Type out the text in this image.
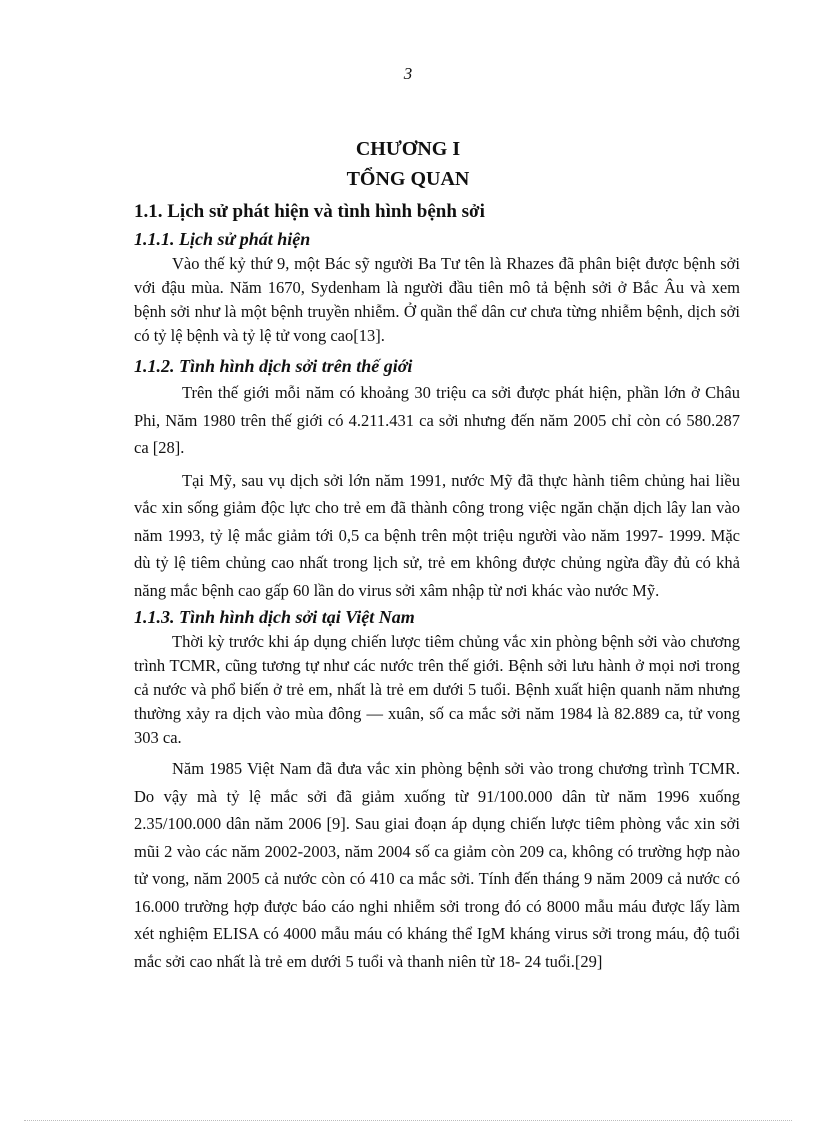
3
CHƯƠNG I
TỔNG QUAN
1.1. Lịch sử phát hiện và tình hình bệnh sởi
1.1.1. Lịch sử phát hiện

Vào thế kỷ thứ 9, một Bác sỹ người Ba Tư tên là Rhazes đã phân biệt được bệnh sởi với đậu mùa. Năm 1670, Sydenham là người đầu tiên mô tả bệnh sởi ở Bắc Âu và xem bệnh sởi như là một bệnh truyền nhiễm. Ở quần thể dân cư chưa từng nhiễm bệnh, dịch sởi có tỷ lệ bệnh và tỷ lệ tử vong cao[13].

1.1.2. Tình hình dịch sởi trên thế giới

Trên thế giới mỗi năm có khoảng 30 triệu ca sởi được phát hiện, phần lớn ở Châu Phi, Năm 1980 trên thế giới có 4.211.431 ca sởi nhưng đến năm 2005 chỉ còn có 580.287 ca [28].

Tại Mỹ, sau vụ dịch sởi lớn năm 1991, nước Mỹ đã thực hành tiêm chủng hai liều vắc xin sống giảm độc lực cho trẻ em đã thành công trong việc ngăn chặn dịch lây lan vào năm 1993, tỷ lệ mắc giảm tới 0,5 ca bệnh trên một triệu người vào năm 1997- 1999. Mặc dù tỷ lệ tiêm chủng cao nhất trong lịch sử, trẻ em không được chủng ngừa đầy đủ có khả năng mắc bệnh cao gấp 60 lần do virus sởi xâm nhập từ nơi khác vào nước Mỹ.

1.1.3. Tình hình dịch sởi tại Việt Nam

Thời kỳ trước khi áp dụng chiến lược tiêm chủng vắc xin phòng bệnh sởi vào chương trình TCMR, cũng tương tự như các nước trên thế giới. Bệnh sởi lưu hành ở mọi nơi trong cả nước và phổ biến ở trẻ em, nhất là trẻ em dưới 5 tuổi. Bệnh xuất hiện quanh năm nhưng thường xảy ra dịch vào mùa đông — xuân, số ca mắc sởi năm 1984 là 82.889 ca, tử vong 303 ca.

Năm 1985 Việt Nam đã đưa vắc xin phòng bệnh sởi vào trong chương trình TCMR. Do vậy mà tỷ lệ mắc sởi đã giảm xuống từ 91/100.000 dân từ năm 1996 xuống 2.35/100.000 dân năm 2006 [9]. Sau giai đoạn áp dụng chiến lược tiêm phòng vắc xin sởi mũi 2 vào các năm 2002-2003, năm 2004 số ca giảm còn 209 ca, không có trường hợp nào tử vong, năm 2005 cả nước còn có 410 ca mắc sởi. Tính đến tháng 9 năm 2009 cả nước có 16.000 trường hợp được báo cáo nghi nhiễm sởi trong đó có 8000 mẫu máu được lấy làm xét nghiệm ELISA có 4000 mẫu máu có kháng thể IgM kháng virus sởi trong máu, độ tuổi mắc sởi cao nhất là trẻ em dưới 5 tuổi và thanh niên từ 18- 24 tuổi.[29]
